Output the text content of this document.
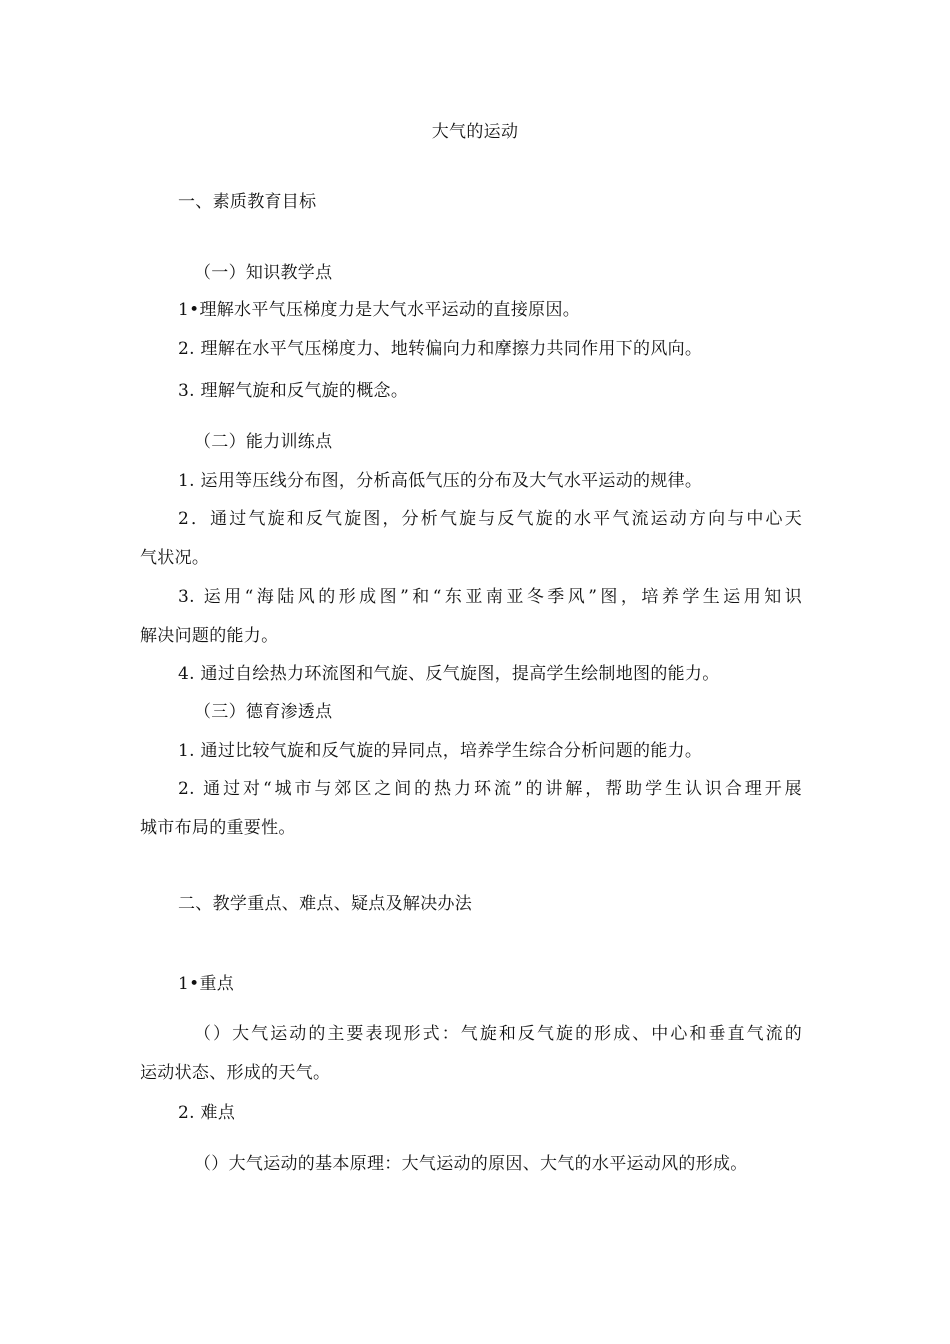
大气的运动
一、素质教育目标
（一）知识教学点
1•理解水平气压梯度力是大气水平运动的直接原因。
2. 理解在水平气压梯度力、地转偏向力和摩擦力共同作用下的风向。
3. 理解气旋和反气旋的概念。
（二）能力训练点
1. 运用等压线分布图，分析高低气压的分布及大气水平运动的规律。
2．通过气旋和反气旋图，分析气旋与反气旋的水平气流运动方向与中心天
气状况。
3. 运用“海陆风的形成图”和“东亚南亚冬季风”图，培养学生运用知识
解决问题的能力。
4. 通过自绘热力环流图和气旋、反气旋图，提高学生绘制地图的能力。
（三）德育渗透点
1. 通过比较气旋和反气旋的异同点，培养学生综合分析问题的能力。
2. 通过对“城市与郊区之间的热力环流”的讲解，帮助学生认识合理开展
城市布局的重要性。
二、教学重点、难点、疑点及解决办法
1•重点
（）大气运动的主要表现形式：气旋和反气旋的形成、中心和垂直气流的
运动状态、形成的天气。
2. 难点
（）大气运动的基本原理：大气运动的原因、大气的水平运动风的形成。
